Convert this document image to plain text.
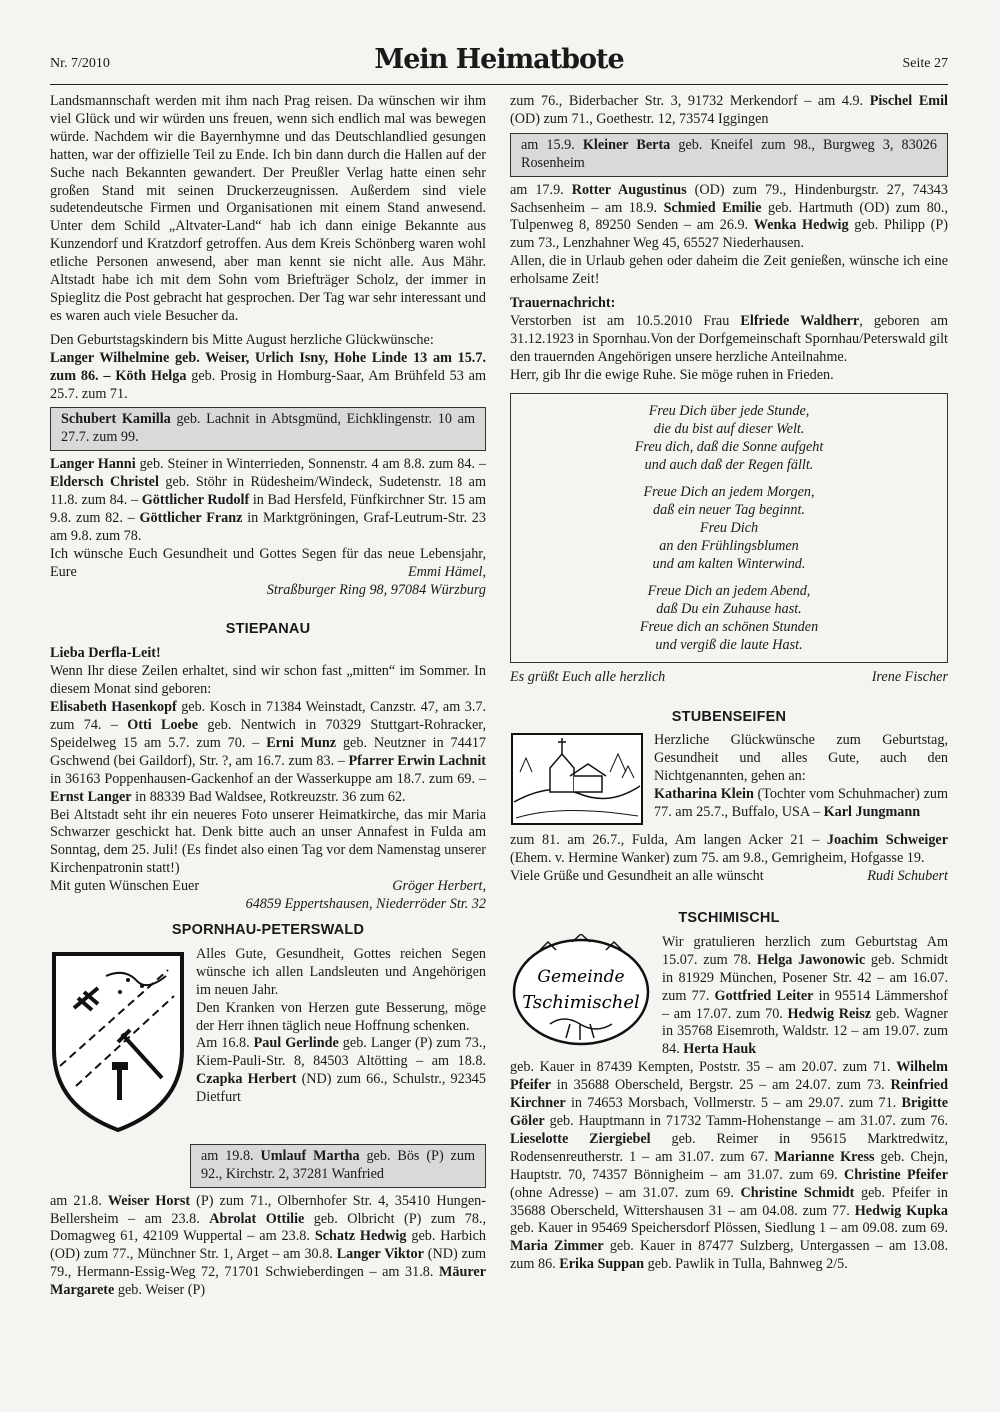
Nr. 7/2010	Mein Heimatbote	Seite 27

Landsmannschaft werden mit ihm nach Prag reisen. Da wünschen wir ihm viel Glück und wir würden uns freuen, wenn sich endlich mal was bewegen würde. Nachdem wir die Bayernhymne und das Deutschlandlied gesungen hatten, war der offizielle Teil zu Ende. Ich bin dann durch die Hallen auf der Suche nach Bekannten gewandert. Der Preußler Verlag hatte einen sehr großen Stand mit seinen Druckerzeugnissen. Außerdem sind viele sudetendeutsche Firmen und Organisationen mit einem Stand anwesend. Unter dem Schild „Altvater-Land“ hab ich dann einige Bekannte aus Kunzendorf und Kratzdorf getroffen. Aus dem Kreis Schönberg waren wohl etliche Personen anwesend, aber man kennt sie nicht alle. Aus Mähr. Altstadt habe ich mit dem Sohn vom Briefträger Scholz, der immer in Spieglitz die Post gebracht hat gesprochen. Der Tag war sehr interessant und es waren auch viele Besucher da.

Den Geburtstagskindern bis Mitte August herzliche Glückwünsche:

Langer Wilhelmine geb. Weiser, Urlich Isny, Hohe Linde 13 am 15.7. zum 86. – Köth Helga geb. Prosig in Homburg-Saar, Am Brühfeld 53 am 25.7. zum 71.

Schubert Kamilla geb. Lachnit in Abtsgmünd, Eichklingenstr. 10 am 27.7. zum 99.

Langer Hanni geb. Steiner in Winterrieden, Sonnenstr. 4 am 8.8. zum 84. – Eldersch Christel geb. Stöhr in Rüdesheim/Windeck, Sudetenstr. 18 am 11.8. zum 84. – Göttlicher Rudolf in Bad Hersfeld, Fünfkirchner Str. 15 am 9.8. zum 82. – Göttlicher Franz in Marktgröningen, Graf-Leutrum-Str. 23 am 9.8. zum 78.

Ich wünsche Euch Gesundheit und Gottes Segen für das neue Lebensjahr, Eure	Emmi Hämel,

Straßburger Ring 98, 97084 Würzburg

STIEPANAU

Lieba Derfla-Leit!

Wenn Ihr diese Zeilen erhaltet, sind wir schon fast „mitten“ im Sommer. In diesem Monat sind geboren:

Elisabeth Hasenkopf geb. Kosch in 71384 Weinstadt, Canzstr. 47, am 3.7. zum 74. – Otti Loebe geb. Nentwich in 70329 Stuttgart-Rohracker, Speidelweg 15 am 5.7. zum 70. – Erni Munz geb. Neutzner in 74417 Gschwend (bei Gaildorf), Str. ?, am 16.7. zum 83. – Pfarrer Erwin Lachnit in 36163 Poppenhausen-Gackenhof an der Wasserkuppe am 18.7. zum 69. – Ernst Langer in 88339 Bad Waldsee, Rotkreuzstr. 36 zum 62.

Bei Altstadt seht ihr ein neueres Foto unserer Heimatkirche, das mir Maria Schwarzer geschickt hat. Denk bitte auch an unser Annafest in Fulda am Sonntag, dem 25. Juli! (Es findet also einen Tag vor dem Namenstag unserer Kirchenpatronin statt!)

Mit guten Wünschen Euer	Gröger Herbert,

64859 Eppertshausen, Niederröder Str. 32

SPORNHAU-PETERSWALD

Alles Gute, Gesundheit, Gottes reichen Segen wünsche ich allen Landsleuten und Angehörigen im neuen Jahr.

Den Kranken von Herzen gute Besserung, möge der Herr ihnen täglich neue Hoffnung schenken.

Am 16.8. Paul Gerlinde geb. Langer (P) zum 73., Kiem-Pauli-Str. 8, 84503 Altötting – am 18.8. Czapka Herbert (ND) zum 66., Schulstr., 92345 Dietfurt

am 19.8. Umlauf Martha geb. Bös (P) zum 92., Kirchstr. 2, 37281 Wanfried

am 21.8. Weiser Horst (P) zum 71., Olbernhofer Str. 4, 35410 Hungen-Bellersheim – am 23.8. Abrolat Ottilie geb. Olbricht (P) zum 78., Domagweg 61, 42109 Wuppertal – am 23.8. Schatz Hedwig geb. Harbich (OD) zum 77., Münchner Str. 1, Arget – am 30.8. Langer Viktor (ND) zum 79., Hermann-Essig-Weg 72, 71701 Schwieberdingen – am 31.8. Mäurer Margarete geb. Weiser (P)

zum 76., Biderbacher Str. 3, 91732 Merkendorf – am 4.9. Pischel Emil (OD) zum 71., Goethestr. 12, 73574 Iggingen

am 15.9. Kleiner Berta geb. Kneifel zum 98., Burgweg 3, 83026 Rosenheim

am 17.9. Rotter Augustinus (OD) zum 79., Hindenburgstr. 27, 74343 Sachsenheim – am 18.9. Schmied Emilie geb. Hartmuth (OD) zum 80., Tulpenweg 8, 89250 Senden – am 26.9. Wenka Hedwig geb. Philipp (P) zum 73., Lenzhahner Weg 45, 65527 Niederhausen.

Allen, die in Urlaub gehen oder daheim die Zeit genießen, wünsche ich eine erholsame Zeit!

Trauernachricht:

Verstorben ist am 10.5.2010 Frau Elfriede Waldherr, geboren am 31.12.1923 in Spornhau.Von der Dorfgemeinschaft Spornhau/Peterswald gilt den trauernden Angehörigen unsere herzliche Anteilnahme.

Herr, gib Ihr die ewige Ruhe. Sie möge ruhen in Frieden.

Freu Dich über jede Stunde,
die du bist auf dieser Welt.
Freu dich, daß die Sonne aufgeht
und auch daß der Regen fällt.
Freue Dich an jedem Morgen,
daß ein neuer Tag beginnt.
Freu Dich
an den Frühlingsblumen
und am kalten Winterwind.
Freue Dich an jedem Abend,
daß Du ein Zuhause hast.
Freue dich an schönen Stunden
und vergiß die laute Hast.
Es grüßt Euch alle herzlich	Irene Fischer
STUBENSEIFEN

Herzliche Glückwünsche zum Geburtstag, Gesundheit und alles Gute, auch den Nichtgenannten, gehen an:

Katharina Klein (Tochter vom Schuhmacher) zum 77. am 25.7., Buffalo, USA – Karl Jungmann

zum 81. am 26.7., Fulda, Am langen Acker 21 – Joachim Schweiger (Ehem. v. Hermine Wanker) zum 75. am 9.8., Gemrigheim, Hofgasse 19.

Viele Grüße und Gesundheit an alle wünscht	Rudi Schubert
TSCHIMISCHL
Gemeinde
Tschimischel

Wir gratulieren herzlich zum Geburtstag Am 15.07. zum 78. Helga Jawonowic geb. Schmidt in 81929 München, Posener Str. 42 – am 16.07. zum 77. Gottfried Leiter in 95514 Lämmershof – am 17.07. zum 70. Hedwig Reisz geb. Wagner in 35768 Eisemroth, Waldstr. 12 – am 19.07. zum 84. Herta Hauk

geb. Kauer in 87439 Kempten, Poststr. 35 – am 20.07. zum 71. Wilhelm Pfeifer in 35688 Oberscheld, Bergstr. 25 – am 24.07. zum 73. Reinfried Kirchner in 74653 Morsbach, Vollmerstr. 5 – am 29.07. zum 71. Brigitte Göler geb. Hauptmann in 71732 Tamm-Hohenstange – am 31.07. zum 76. Lieselotte Ziergiebel geb. Reimer in 95615 Marktredwitz, Rodensenreutherstr. 1 – am 31.07. zum 67. Marianne Kress geb. Chejn, Hauptstr. 70, 74357 Bönnigheim – am 31.07. zum 69. Christine Pfeifer (ohne Adresse) – am 31.07. zum 69. Christine Schmidt geb. Pfeifer in 35688 Oberscheld, Wittershausen 31 – am 04.08. zum 77. Hedwig Kupka geb. Kauer in 95469 Speichersdorf Plössen, Siedlung 1 – am 09.08. zum 69. Maria Zimmer geb. Kauer in 87477 Sulzberg, Untergassen – am 13.08. zum 86. Erika Suppan geb. Pawlik in Tulla, Bahnweg 2/5.
